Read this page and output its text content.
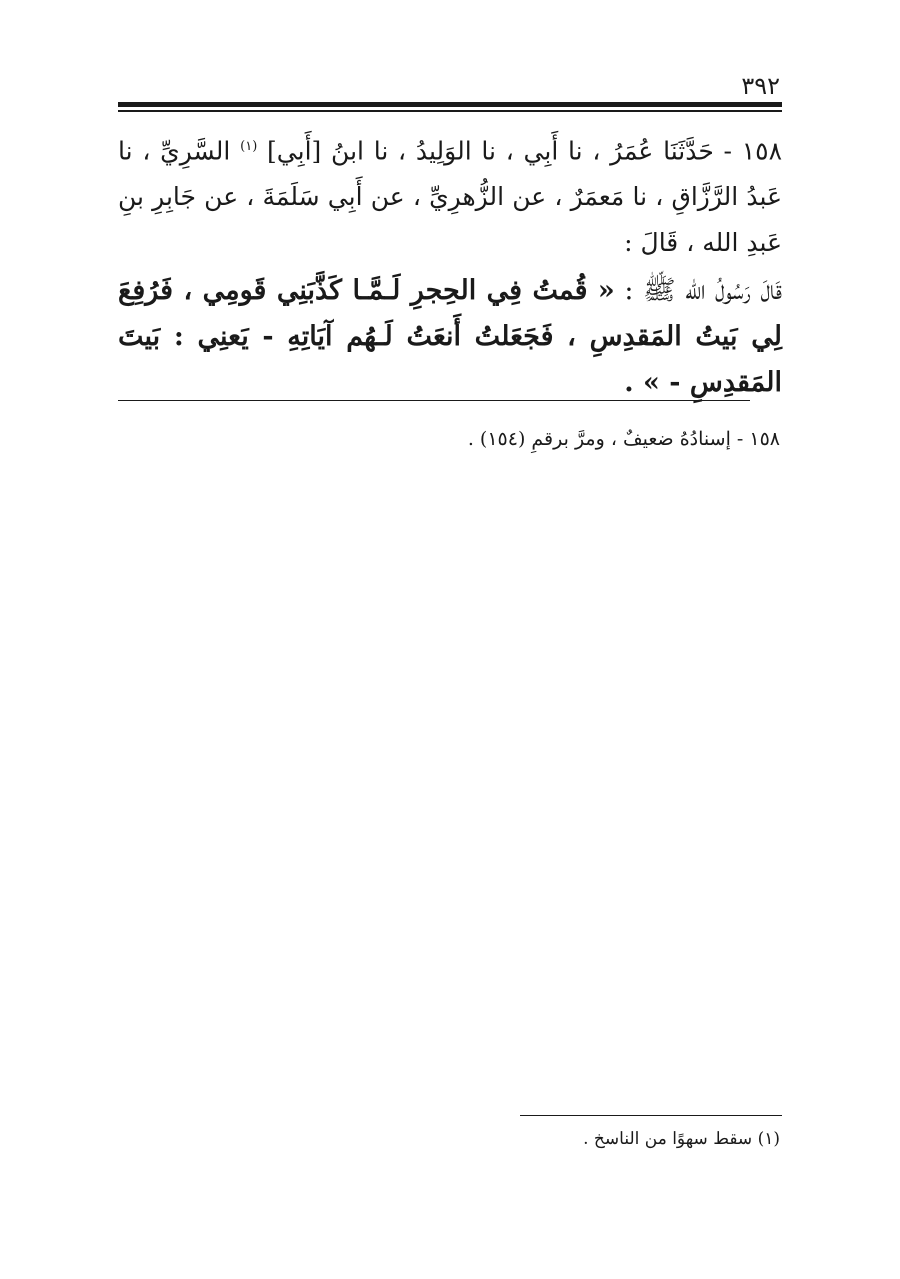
٣٩٢

١٥٨ - حَدَّثَنَا عُمَرُ ، نا أَبِي ، نا الوَلِيدُ ، نا ابنُ [أَبِي] $^{(١)}$ السَّرِيِّ ، نا عَبدُ الرَّزَّاقِ ، نا مَعمَرٌ ، عن الزُّهرِيِّ ، عن أَبِي سَلَمَةَ ، عن جَابِرِ بنِ عَبدِ الله ، قَالَ :

قَالَ رَسُولُ الله ﷺ : « قُمتُ فِي الحِجرِ لَـمَّـا كَذَّبَنِي قَومِي ، فَرُفِعَ لِي بَيتُ المَقدِسِ ، فَجَعَلتُ أَنعَتُ لَـهُم آيَاتِهِ - يَعنِي : بَيتَ المَقدِسِ - » .

١٥٨ - إسنادُهُ ضعيفٌ ، ومرَّ برقمِ (١٥٤) .
(١) سقط سهوًا من الناسخ .
